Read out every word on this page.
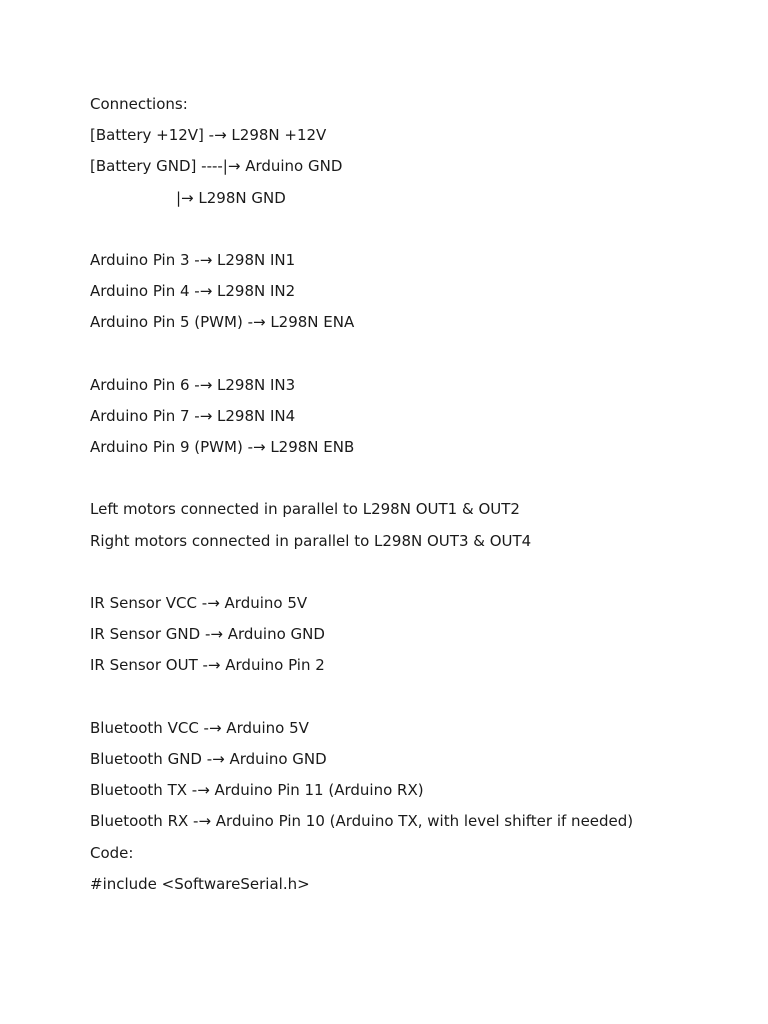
Connections:

[Battery +12V] -→ L298N +12V

[Battery GND] ----|→ Arduino GND

|→ L298N GND

Arduino Pin 3 -→ L298N IN1

Arduino Pin 4 -→ L298N IN2

Arduino Pin 5 (PWM) -→ L298N ENA

Arduino Pin 6 -→ L298N IN3

Arduino Pin 7 -→ L298N IN4

Arduino Pin 9 (PWM) -→ L298N ENB

Left motors connected in parallel to L298N OUT1 & OUT2

Right motors connected in parallel to L298N OUT3 & OUT4

IR Sensor VCC -→ Arduino 5V

IR Sensor GND -→ Arduino GND

IR Sensor OUT -→ Arduino Pin 2

Bluetooth VCC -→ Arduino 5V

Bluetooth GND -→ Arduino GND

Bluetooth TX -→ Arduino Pin 11 (Arduino RX)

Bluetooth RX -→ Arduino Pin 10 (Arduino TX, with level shifter if needed)

Code:

#include <SoftwareSerial.h>
